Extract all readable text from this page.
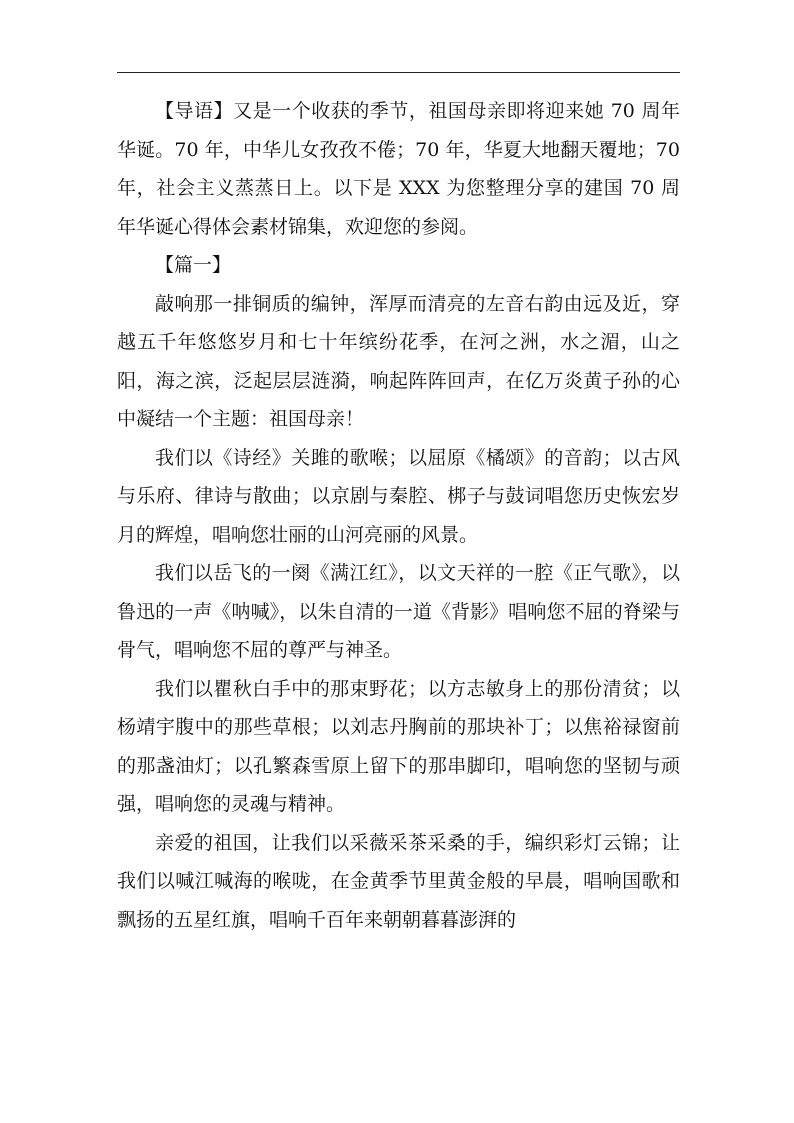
【导语】又是一个收获的季节，祖国母亲即将迎来她 70 周年华诞。70 年，中华儿女孜孜不倦；70 年，华夏大地翻天覆地；70 年，社会主义蒸蒸日上。以下是 XXX 为您整理分享的建国 70 周年华诞心得体会素材锦集，欢迎您的参阅。

【篇一】

敲响那一排铜质的编钟，浑厚而清亮的左音右韵由远及近，穿越五千年悠悠岁月和七十年缤纷花季，在河之洲，水之湄，山之阳，海之滨，泛起层层涟漪，响起阵阵回声，在亿万炎黄子孙的心中凝结一个主题：祖国母亲！

我们以《诗经》关雎的歌喉；以屈原《橘颂》的音韵；以古风与乐府、律诗与散曲；以京剧与秦腔、梆子与鼓词唱您历史恢宏岁月的辉煌，唱响您壮丽的山河亮丽的风景。

我们以岳飞的一阕《满江红》，以文天祥的一腔《正气歌》，以鲁迅的一声《呐喊》，以朱自清的一道《背影》唱响您不屈的脊梁与骨气，唱响您不屈的尊严与神圣。

我们以瞿秋白手中的那束野花；以方志敏身上的那份清贫；以杨靖宇腹中的那些草根；以刘志丹胸前的那块补丁；以焦裕禄窗前的那盏油灯；以孔繁森雪原上留下的那串脚印，唱响您的坚韧与顽强，唱响您的灵魂与精神。

亲爱的祖国，让我们以采薇采茶采桑的手，编织彩灯云锦；让我们以喊江喊海的喉咙，在金黄季节里黄金般的早晨，唱响国歌和飘扬的五星红旗，唱响千百年来朝朝暮暮澎湃的
